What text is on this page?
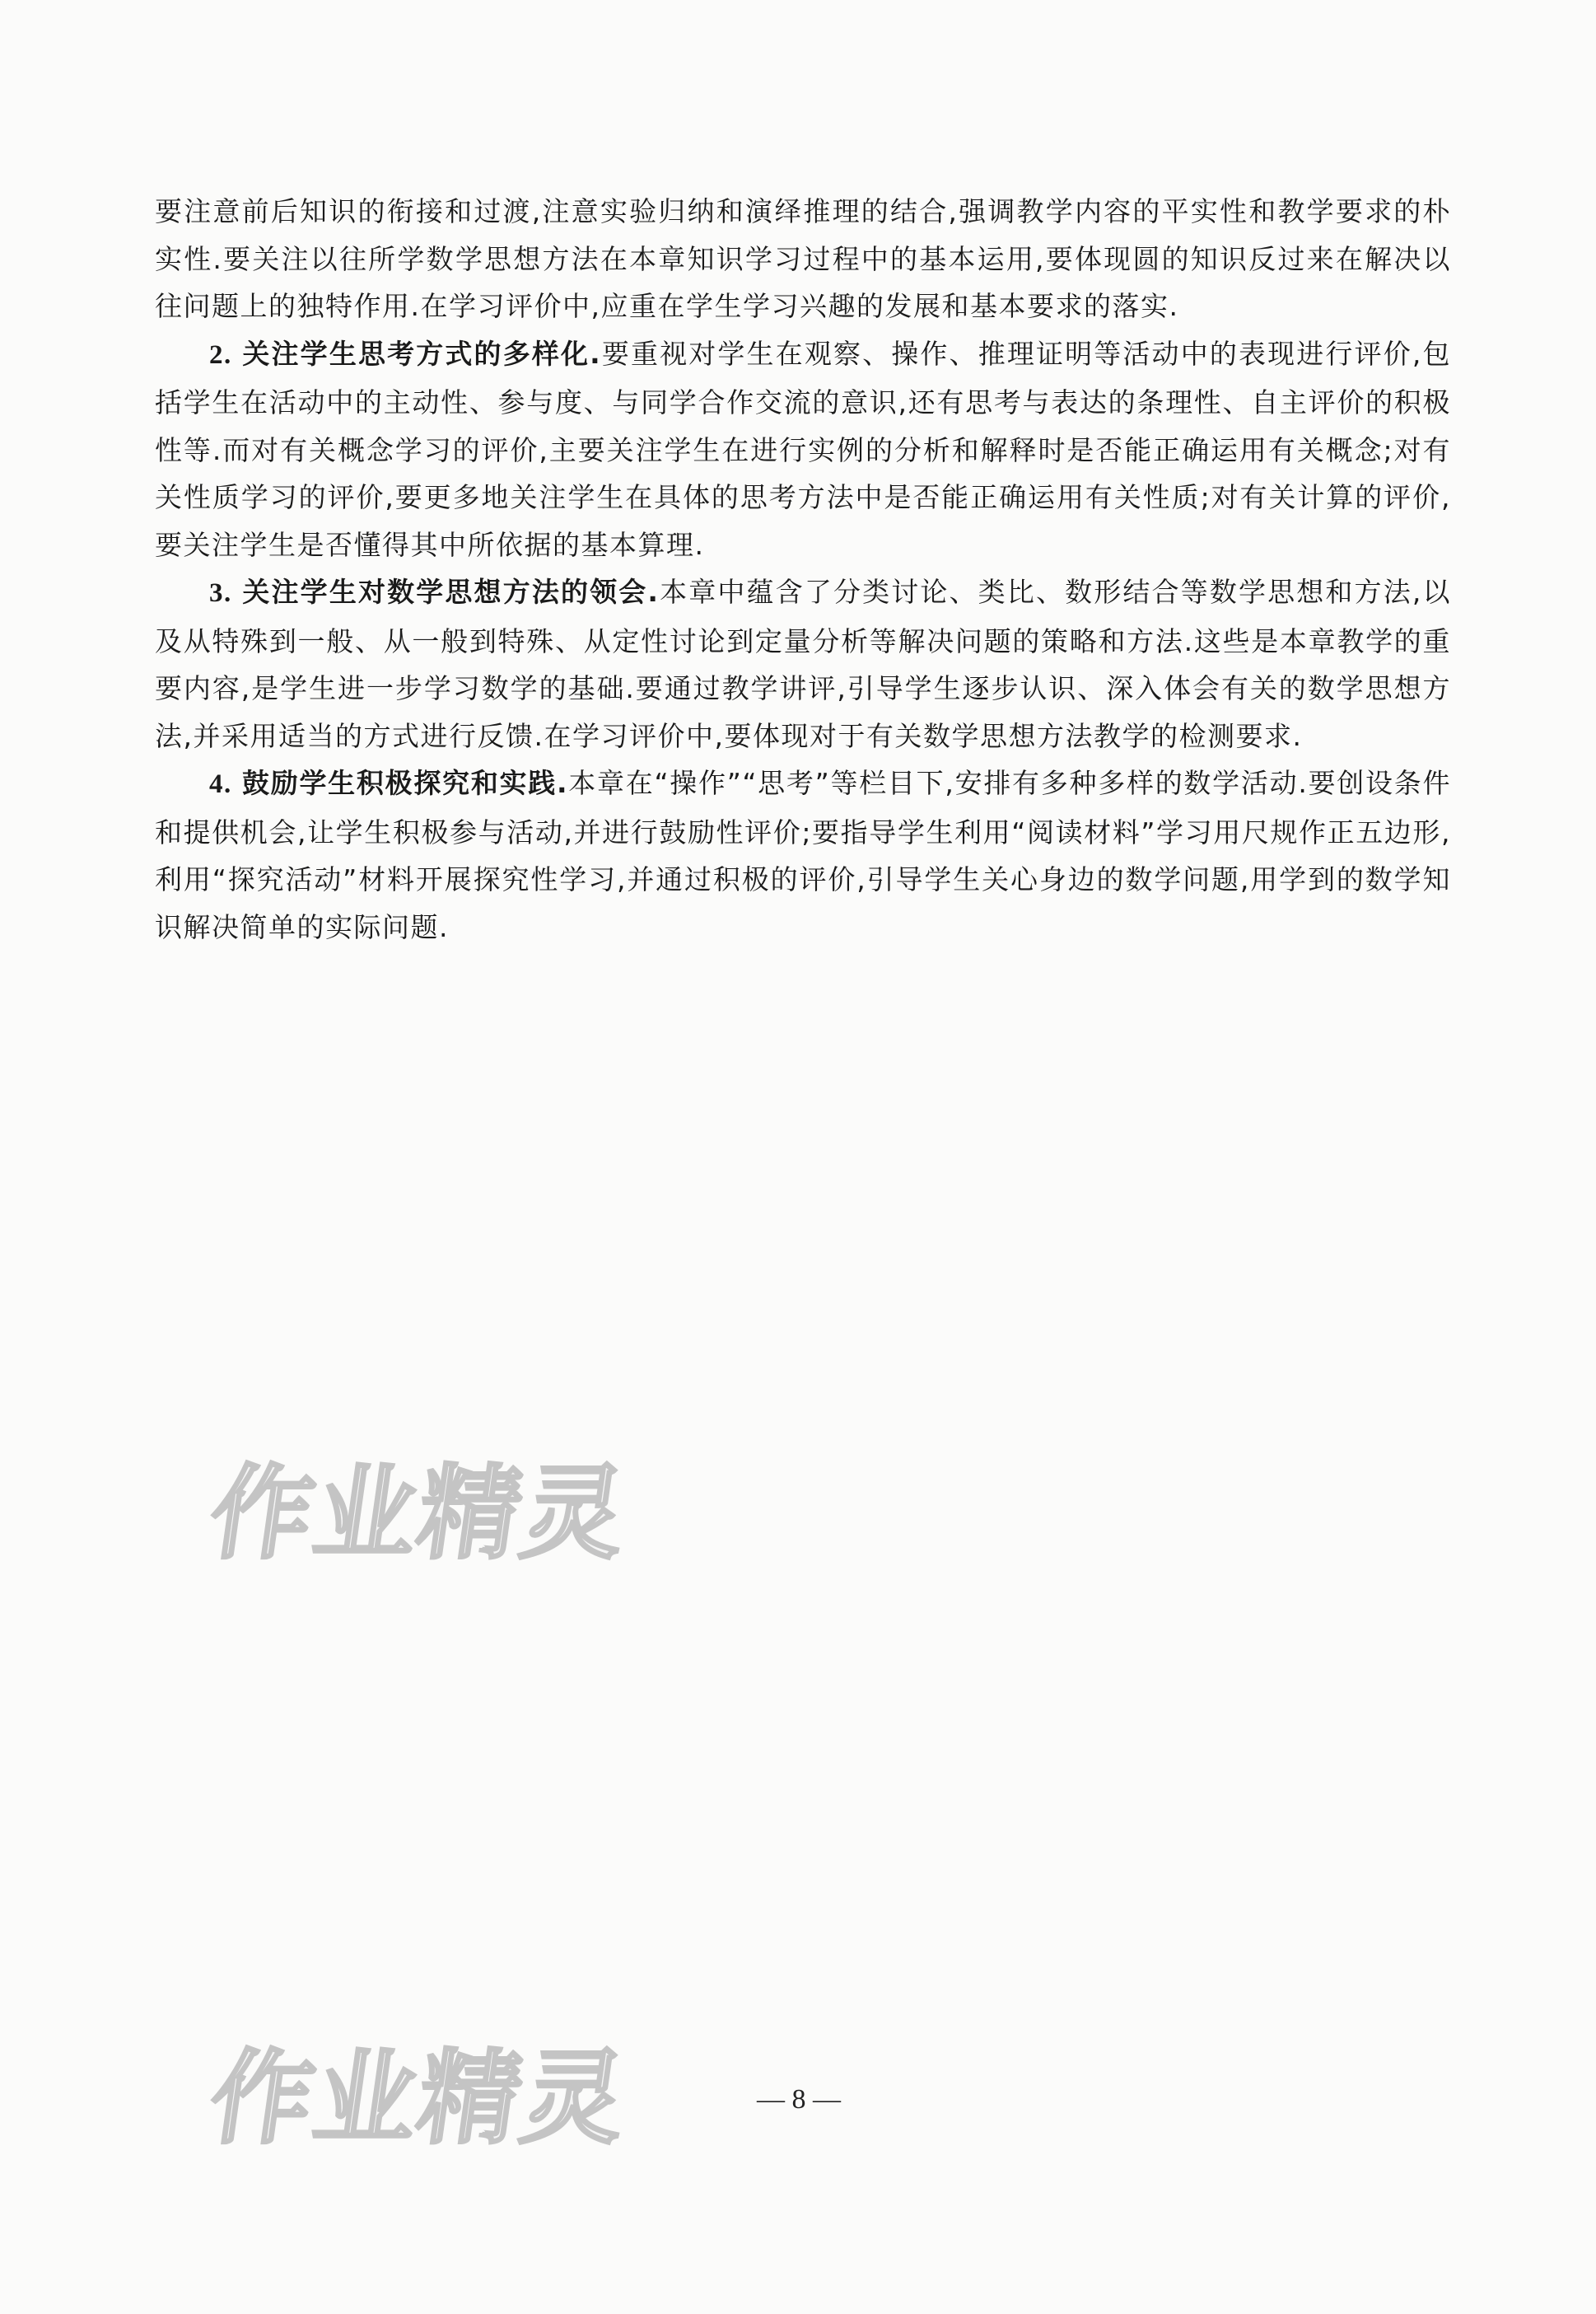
要注意前后知识的衔接和过渡,注意实验归纳和演绎推理的结合,强调教学内容的平实性和教学要求的朴实性.要关注以往所学数学思想方法在本章知识学习过程中的基本运用,要体现圆的知识反过来在解决以往问题上的独特作用.在学习评价中,应重在学生学习兴趣的发展和基本要求的落实.

2. 关注学生思考方式的多样化.要重视对学生在观察、操作、推理证明等活动中的表现进行评价,包括学生在活动中的主动性、参与度、与同学合作交流的意识,还有思考与表达的条理性、自主评价的积极性等.而对有关概念学习的评价,主要关注学生在进行实例的分析和解释时是否能正确运用有关概念;对有关性质学习的评价,要更多地关注学生在具体的思考方法中是否能正确运用有关性质;对有关计算的评价,要关注学生是否懂得其中所依据的基本算理.

3. 关注学生对数学思想方法的领会.本章中蕴含了分类讨论、类比、数形结合等数学思想和方法,以及从特殊到一般、从一般到特殊、从定性讨论到定量分析等解决问题的策略和方法.这些是本章教学的重要内容,是学生进一步学习数学的基础.要通过教学讲评,引导学生逐步认识、深入体会有关的数学思想方法,并采用适当的方式进行反馈.在学习评价中,要体现对于有关数学思想方法教学的检测要求.

4. 鼓励学生积极探究和实践.本章在“操作”“思考”等栏目下,安排有多种多样的数学活动.要创设条件和提供机会,让学生积极参与活动,并进行鼓励性评价;要指导学生利用“阅读材料”学习用尺规作正五边形,利用“探究活动”材料开展探究性学习,并通过积极的评价,引导学生关心身边的数学问题,用学到的数学知识解决简单的实际问题.

作业精灵
作业精灵	— 8 —
